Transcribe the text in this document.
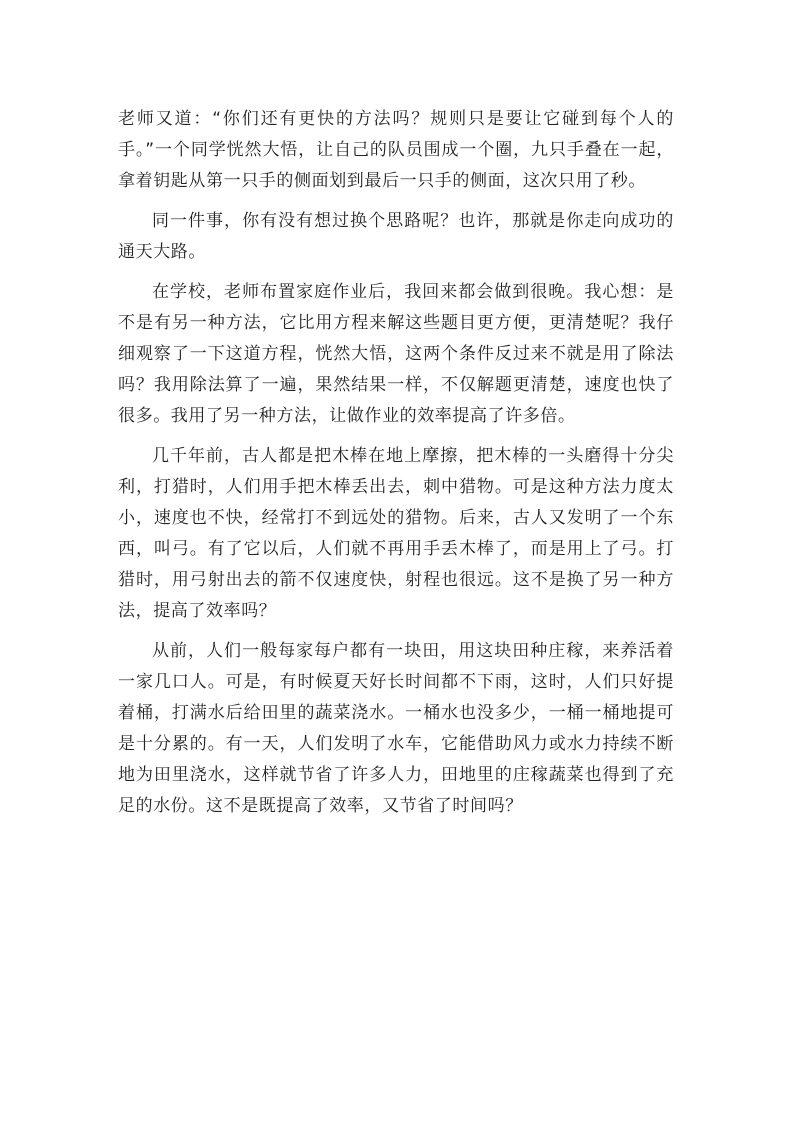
老师又道：“你们还有更快的方法吗？规则只是要让它碰到每个人的手。”一个同学恍然大悟，让自己的队员围成一个圈，九只手叠在一起，拿着钥匙从第一只手的侧面划到最后一只手的侧面，这次只用了秒。

同一件事，你有没有想过换个思路呢？也许，那就是你走向成功的通天大路。

在学校，老师布置家庭作业后，我回来都会做到很晚。我心想：是不是有另一种方法，它比用方程来解这些题目更方便，更清楚呢？我仔细观察了一下这道方程，恍然大悟，这两个条件反过来不就是用了除法吗？我用除法算了一遍，果然结果一样，不仅解题更清楚，速度也快了很多。我用了另一种方法，让做作业的效率提高了许多倍。

几千年前，古人都是把木棒在地上摩擦，把木棒的一头磨得十分尖利，打猎时，人们用手把木棒丢出去，刺中猎物。可是这种方法力度太小，速度也不快，经常打不到远处的猎物。后来，古人又发明了一个东西，叫弓。有了它以后，人们就不再用手丢木棒了，而是用上了弓。打猎时，用弓射出去的箭不仅速度快，射程也很远。这不是换了另一种方法，提高了效率吗？

从前，人们一般每家每户都有一块田，用这块田种庄稼，来养活着一家几口人。可是，有时候夏天好长时间都不下雨，这时，人们只好提着桶，打满水后给田里的蔬菜浇水。一桶水也没多少，一桶一桶地提可是十分累的。有一天，人们发明了水车，它能借助风力或水力持续不断地为田里浇水，这样就节省了许多人力，田地里的庄稼蔬菜也得到了充足的水份。这不是既提高了效率，又节省了时间吗？
